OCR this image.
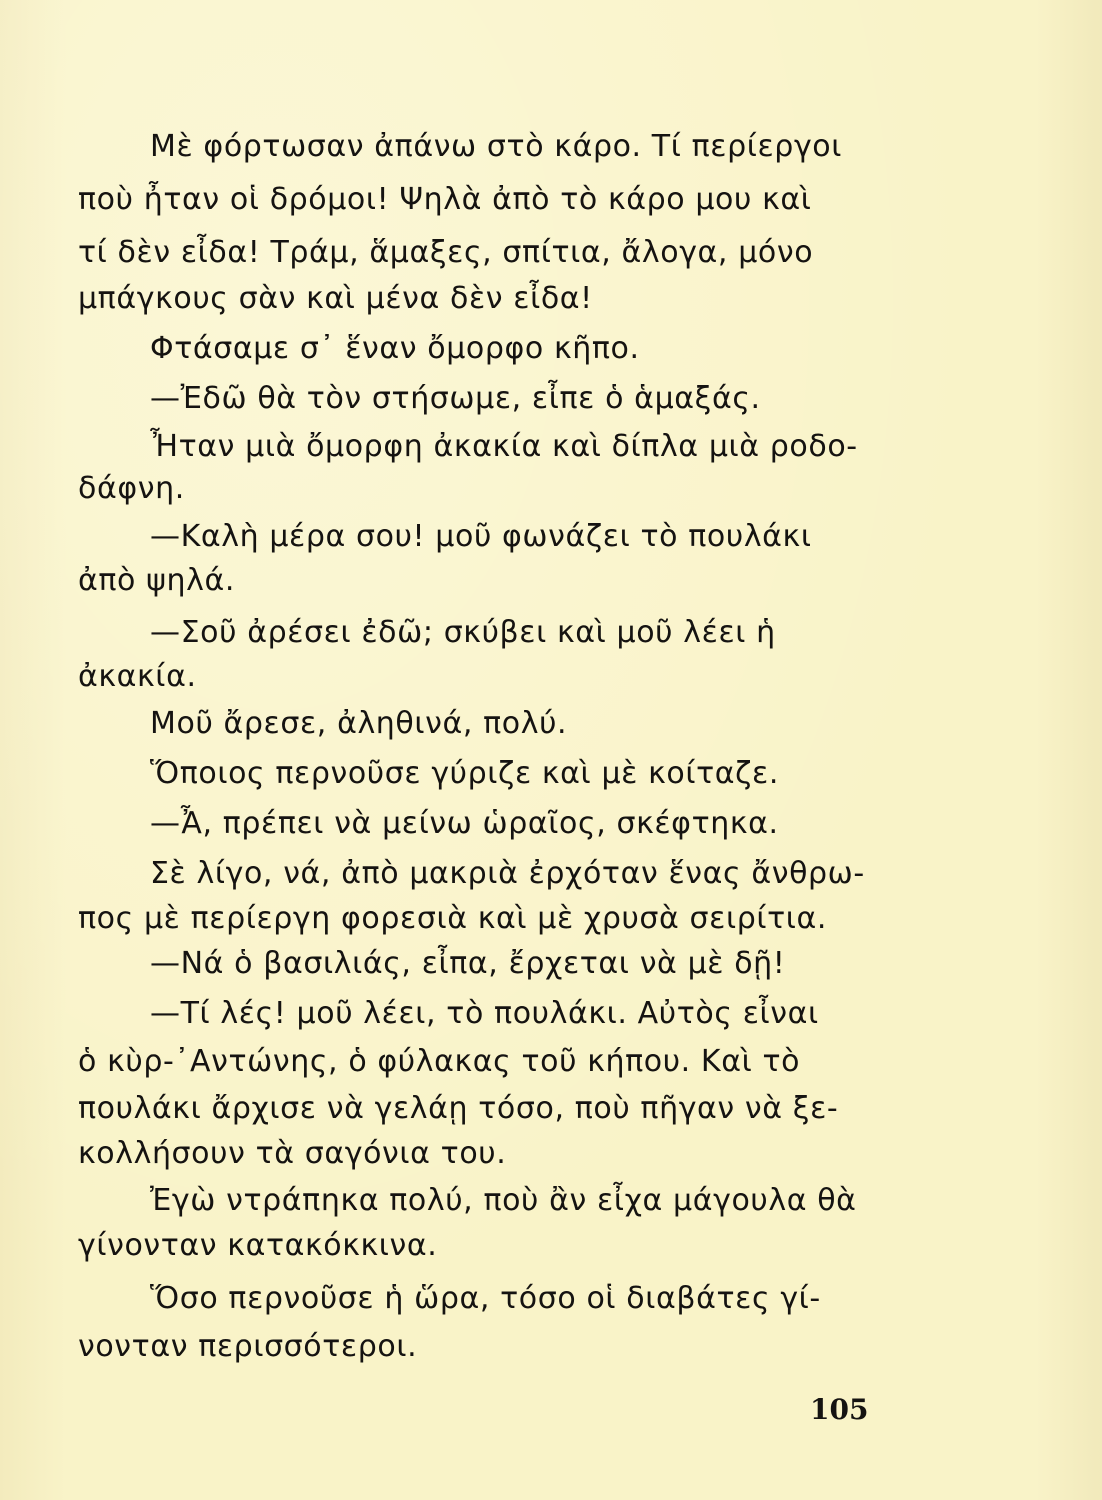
Μὲ φόρτωσαν ἀπάνω στὸ κάρο. Τί περίεργοι
ποὺ ἦταν οἱ δρόμοι! Ψηλὰ ἀπὸ τὸ κάρο μου καὶ
τί δὲν εἶδα! Τράμ, ἅμαξες, σπίτια, ἄλογα, μόνο
μπάγκους σὰν καὶ μένα δὲν εἶδα!
Φτάσαμε σ᾽ ἕναν ὄμορφο κῆπο.
—Ἐδῶ θὰ τὸν στήσωμε, εἶπε ὁ ἁμαξάς.
Ἦταν μιὰ ὄμορφη ἀκακία καὶ δίπλα μιὰ ροδο-
δάφνη.
—Καλὴ μέρα σου! μοῦ φωνάζει τὸ πουλάκι
ἀπὸ ψηλά.
—Σοῦ ἀρέσει ἐδῶ; σκύβει καὶ μοῦ λέει ἡ
ἀκακία.
Μοῦ ἄρεσε, ἀληθινά, πολύ.
Ὅποιος περνοῦσε γύριζε καὶ μὲ κοίταζε.
—Ἆ, πρέπει νὰ μείνω ὡραῖος, σκέφτηκα.
Σὲ λίγο, νά, ἀπὸ μακριὰ ἐρχόταν ἕνας ἄνθρω-
πος μὲ περίεργη φορεσιὰ καὶ μὲ χρυσὰ σειρίτια.
—Νά ὁ βασιλιάς, εἶπα, ἔρχεται νὰ μὲ δῇ!
—Τί λές! μοῦ λέει, τὸ πουλάκι. Αὐτὸς εἶναι
ὁ κὺρ-᾽Αντώνης, ὁ φύλακας τοῦ κήπου. Καὶ τὸ
πουλάκι ἄρχισε νὰ γελάῃ τόσο, ποὺ πῆγαν νὰ ξε-
κολλήσουν τὰ σαγόνια του.
Ἐγὼ ντράπηκα πολύ, ποὺ ἂν εἶχα μάγουλα θὰ
γίνονταν κατακόκκινα.
Ὅσο περνοῦσε ἡ ὥρα, τόσο οἱ διαβάτες γί-
νονταν περισσότεροι.
105
